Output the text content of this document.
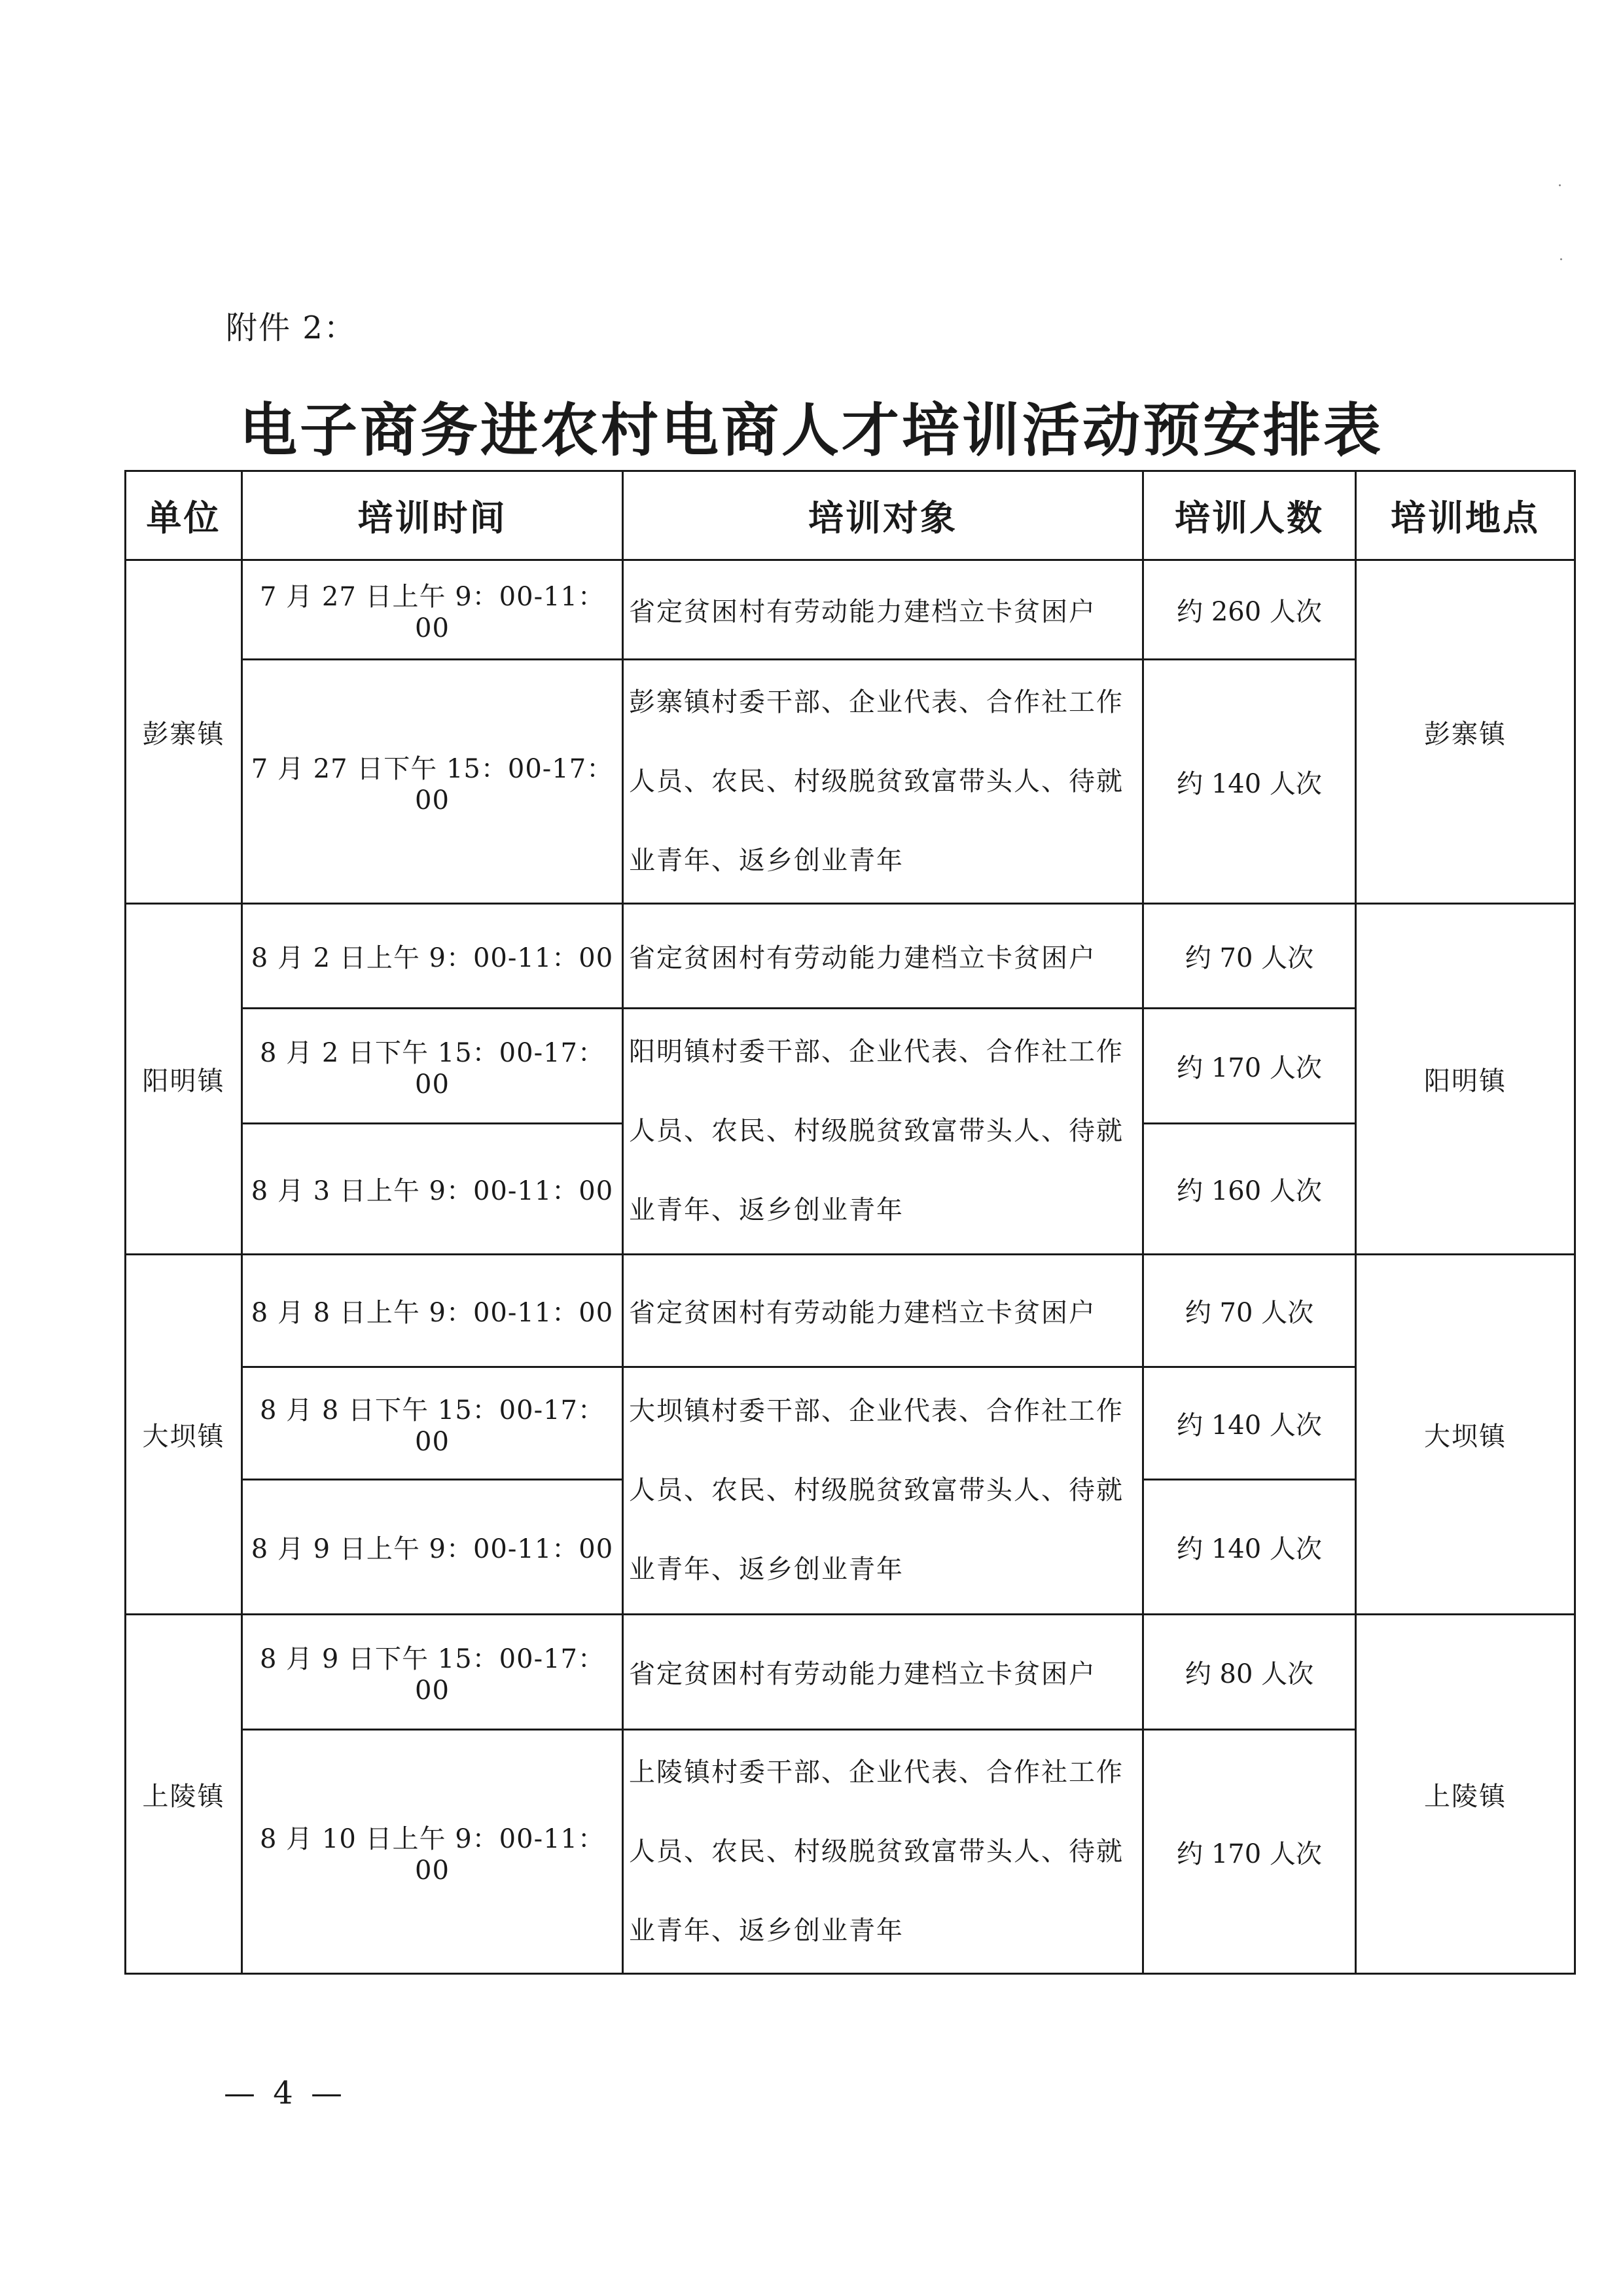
附件 2：
电子商务进农村电商人才培训活动预安排表
单位	培训时间	培训对象	培训人数	培训地点
彭寨镇	7 月 27 日上午 9：00-11：00	省定贫困村有劳动能力建档立卡贫困户	约 260 人次	彭寨镇
	7 月 27 日下午 15：00-17：00	彭寨镇村委干部、企业代表、合作社工作人员、农民、村级脱贫致富带头人、待就业青年、返乡创业青年	约 140 人次	
阳明镇	8 月 2 日上午 9：00-11：00	省定贫困村有劳动能力建档立卡贫困户	约 70 人次	阳明镇
	8 月 2 日下午 15：00-17：00	阳明镇村委干部、企业代表、合作社工作人员、农民、村级脱贫致富带头人、待就业青年、返乡创业青年	约 170 人次	
	8 月 3 日上午 9：00-11：00		约 160 人次	
大坝镇	8 月 8 日上午 9：00-11：00	省定贫困村有劳动能力建档立卡贫困户	约 70 人次	大坝镇
	8 月 8 日下午 15：00-17：00	大坝镇村委干部、企业代表、合作社工作人员、农民、村级脱贫致富带头人、待就业青年、返乡创业青年	约 140 人次	
	8 月 9 日上午 9：00-11：00		约 140 人次	
上陵镇	8 月 9 日下午 15：00-17：00	省定贫困村有劳动能力建档立卡贫困户	约 80 人次	上陵镇
	8 月 10 日上午 9：00-11：00	上陵镇村委干部、企业代表、合作社工作人员、农民、村级脱贫致富带头人、待就业青年、返乡创业青年	约 170 人次	
— 4 —
·
·
